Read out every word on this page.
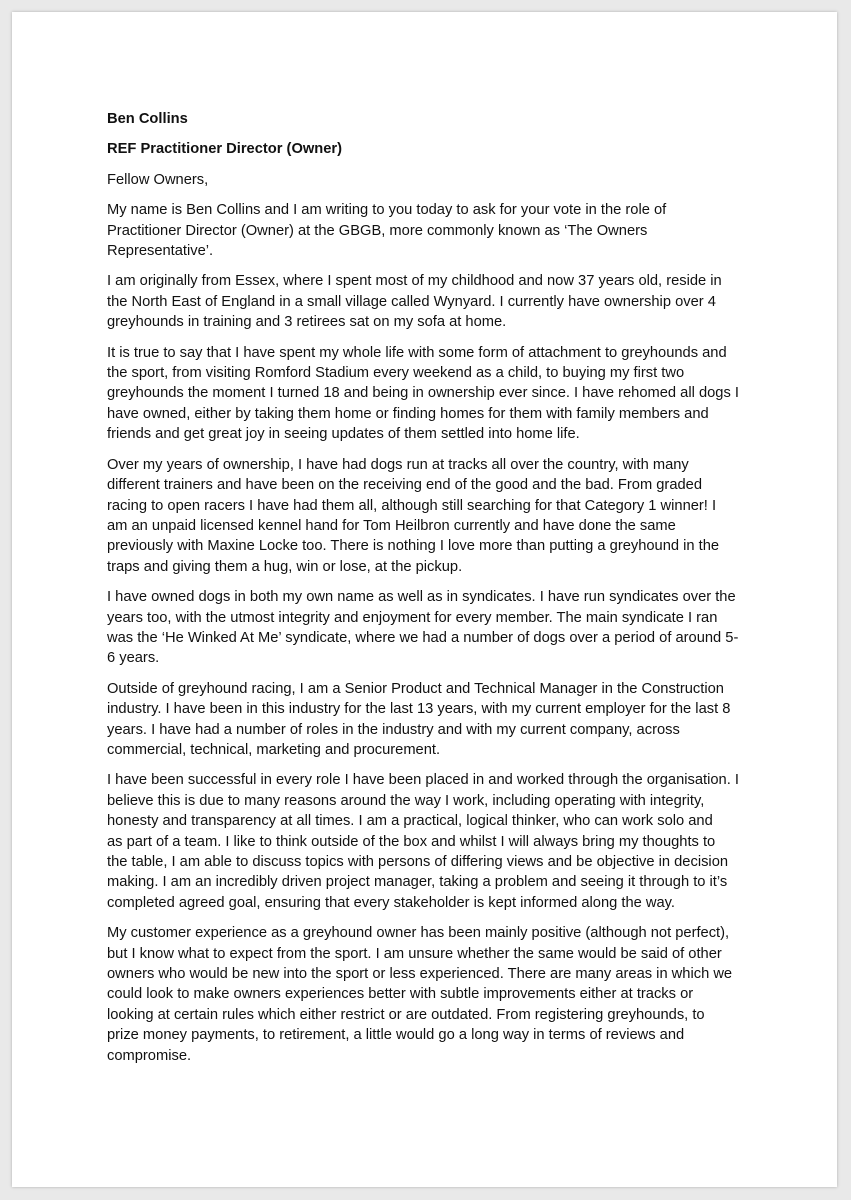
Ben Collins
REF Practitioner Director (Owner)
Fellow Owners,
My name is Ben Collins and I am writing to you today to ask for your vote in the role of
Practitioner Director (Owner) at the GBGB, more commonly known as ‘The Owners
Representative’.
I am originally from Essex, where I spent most of my childhood and now 37 years old, reside in
the North East of England in a small village called Wynyard. I currently have ownership over 4
greyhounds in training and 3 retirees sat on my sofa at home.
It is true to say that I have spent my whole life with some form of attachment to greyhounds and
the sport, from visiting Romford Stadium every weekend as a child, to buying my first two
greyhounds the moment I turned 18 and being in ownership ever since. I have rehomed all dogs I
have owned, either by taking them home or finding homes for them with family members and
friends and get great joy in seeing updates of them settled into home life.
Over my years of ownership, I have had dogs run at tracks all over the country, with many
different trainers and have been on the receiving end of the good and the bad. From graded
racing to open racers I have had them all, although still searching for that Category 1 winner! I
am an unpaid licensed kennel hand for Tom Heilbron currently and have done the same
previously with Maxine Locke too. There is nothing I love more than putting a greyhound in the
traps and giving them a hug, win or lose, at the pickup.
I have owned dogs in both my own name as well as in syndicates. I have run syndicates over the
years too, with the utmost integrity and enjoyment for every member. The main syndicate I ran
was the ‘He Winked At Me’ syndicate, where we had a number of dogs over a period of around 5-
6 years.
Outside of greyhound racing, I am a Senior Product and Technical Manager in the Construction
industry. I have been in this industry for the last 13 years, with my current employer for the last 8
years. I have had a number of roles in the industry and with my current company, across
commercial, technical, marketing and procurement.
I have been successful in every role I have been placed in and worked through the organisation. I
believe this is due to many reasons around the way I work, including operating with integrity,
honesty and transparency at all times. I am a practical, logical thinker, who can work solo and
as part of a team. I like to think outside of the box and whilst I will always bring my thoughts to
the table, I am able to discuss topics with persons of differing views and be objective in decision
making. I am an incredibly driven project manager, taking a problem and seeing it through to it’s
completed agreed goal, ensuring that every stakeholder is kept informed along the way.
My customer experience as a greyhound owner has been mainly positive (although not perfect),
but I know what to expect from the sport. I am unsure whether the same would be said of other
owners who would be new into the sport or less experienced. There are many areas in which we
could look to make owners experiences better with subtle improvements either at tracks or
looking at certain rules which either restrict or are outdated. From registering greyhounds, to
prize money payments, to retirement, a little would go a long way in terms of reviews and
compromise.
